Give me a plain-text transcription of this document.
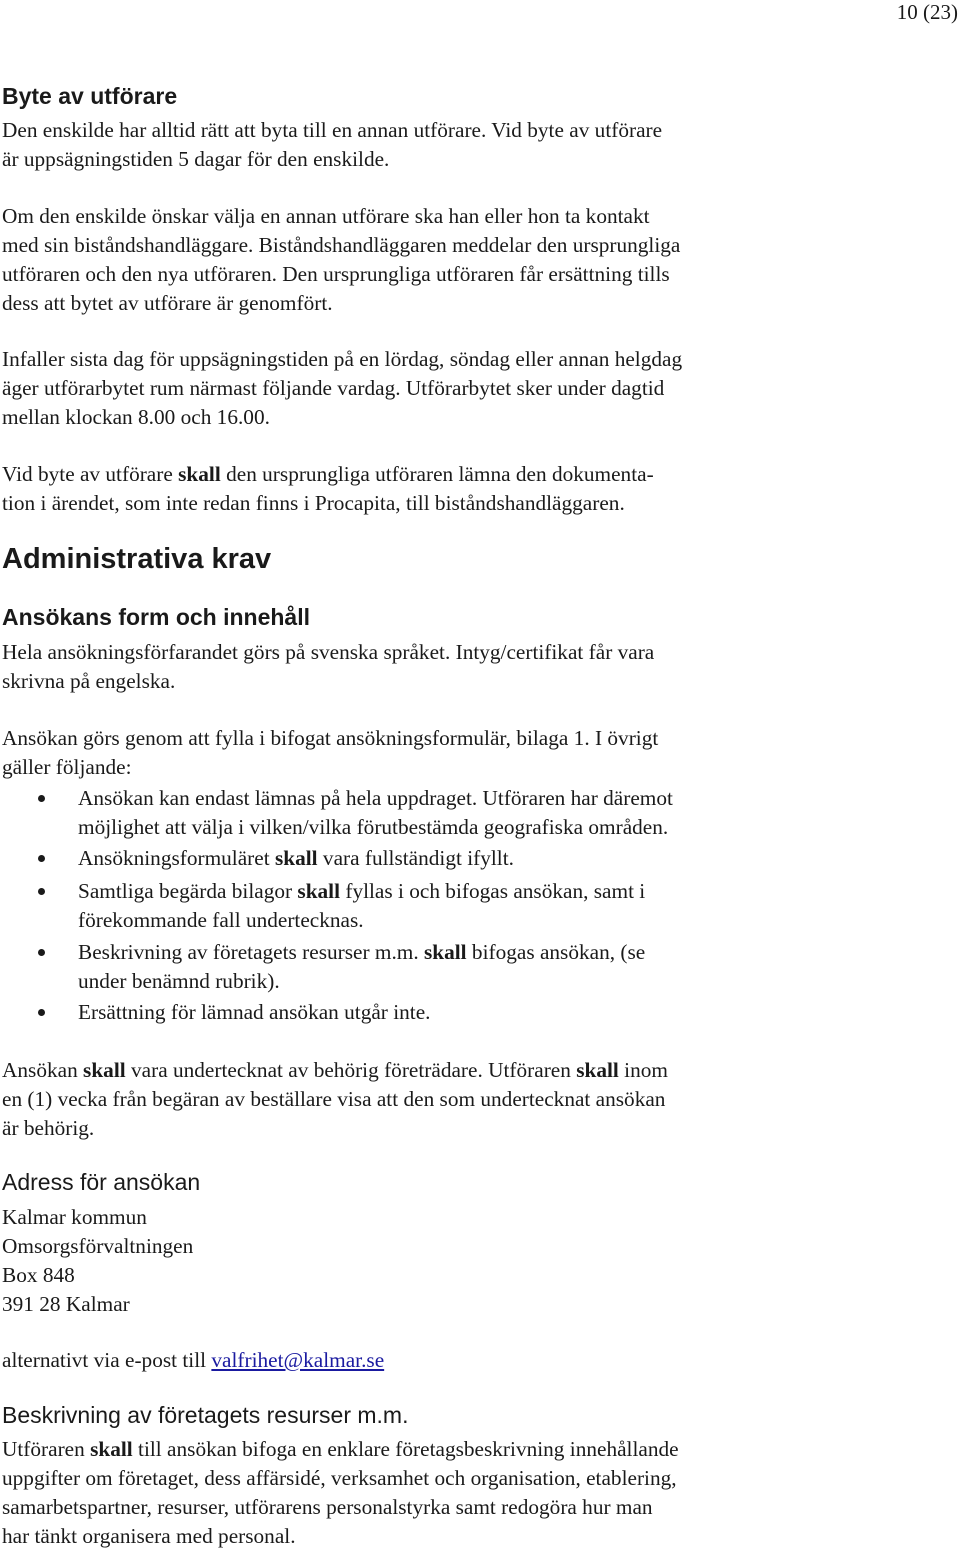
10 (23)
Byte av utförare
Den enskilde har alltid rätt att byta till en annan utförare. Vid byte av utförare
är uppsägningstiden 5 dagar för den enskilde.
Om den enskilde önskar välja en annan utförare ska han eller hon ta kontakt
med sin biståndshandläggare. Biståndshandläggaren meddelar den ursprungliga
utföraren och den nya utföraren. Den ursprungliga utföraren får ersättning tills
dess att bytet av utförare är genomfört.
Infaller sista dag för uppsägningstiden på en lördag, söndag eller annan helgdag
äger utförarbytet rum närmast följande vardag. Utförarbytet sker under dagtid
mellan klockan 8.00 och 16.00.
Vid byte av utförare skall den ursprungliga utföraren lämna den dokumenta-
tion i ärendet, som inte redan finns i Procapita, till biståndshandläggaren.
Administrativa krav
Ansökans form och innehåll
Hela ansökningsförfarandet görs på svenska språket. Intyg/certifikat får vara
skrivna på engelska.
Ansökan görs genom att fylla i bifogat ansökningsformulär, bilaga 1. I övrigt
gäller följande:
Ansökan kan endast lämnas på hela uppdraget. Utföraren har däremot
möjlighet att välja i vilken/vilka förutbestämda geografiska områden.
Ansökningsformuläret skall vara fullständigt ifyllt.
Samtliga begärda bilagor skall fyllas i och bifogas ansökan, samt i
förekommande fall undertecknas.
Beskrivning av företagets resurser m.m. skall bifogas ansökan, (se
under benämnd rubrik).
Ersättning för lämnad ansökan utgår inte.
Ansökan skall vara undertecknat av behörig företrädare. Utföraren skall inom
en (1) vecka från begäran av beställare visa att den som undertecknat ansökan
är behörig.
Adress för ansökan
Kalmar kommun
Omsorgsförvaltningen
Box 848
391 28 Kalmar
alternativt via e-post till valfrihet@kalmar.se
Beskrivning av företagets resurser m.m.
Utföraren skall till ansökan bifoga en enklare företagsbeskrivning innehållande
uppgifter om företaget, dess affärsidé, verksamhet och organisation, etablering,
samarbetspartner, resurser, utförarens personalstyrka samt redogöra hur man
har tänkt organisera med personal.
